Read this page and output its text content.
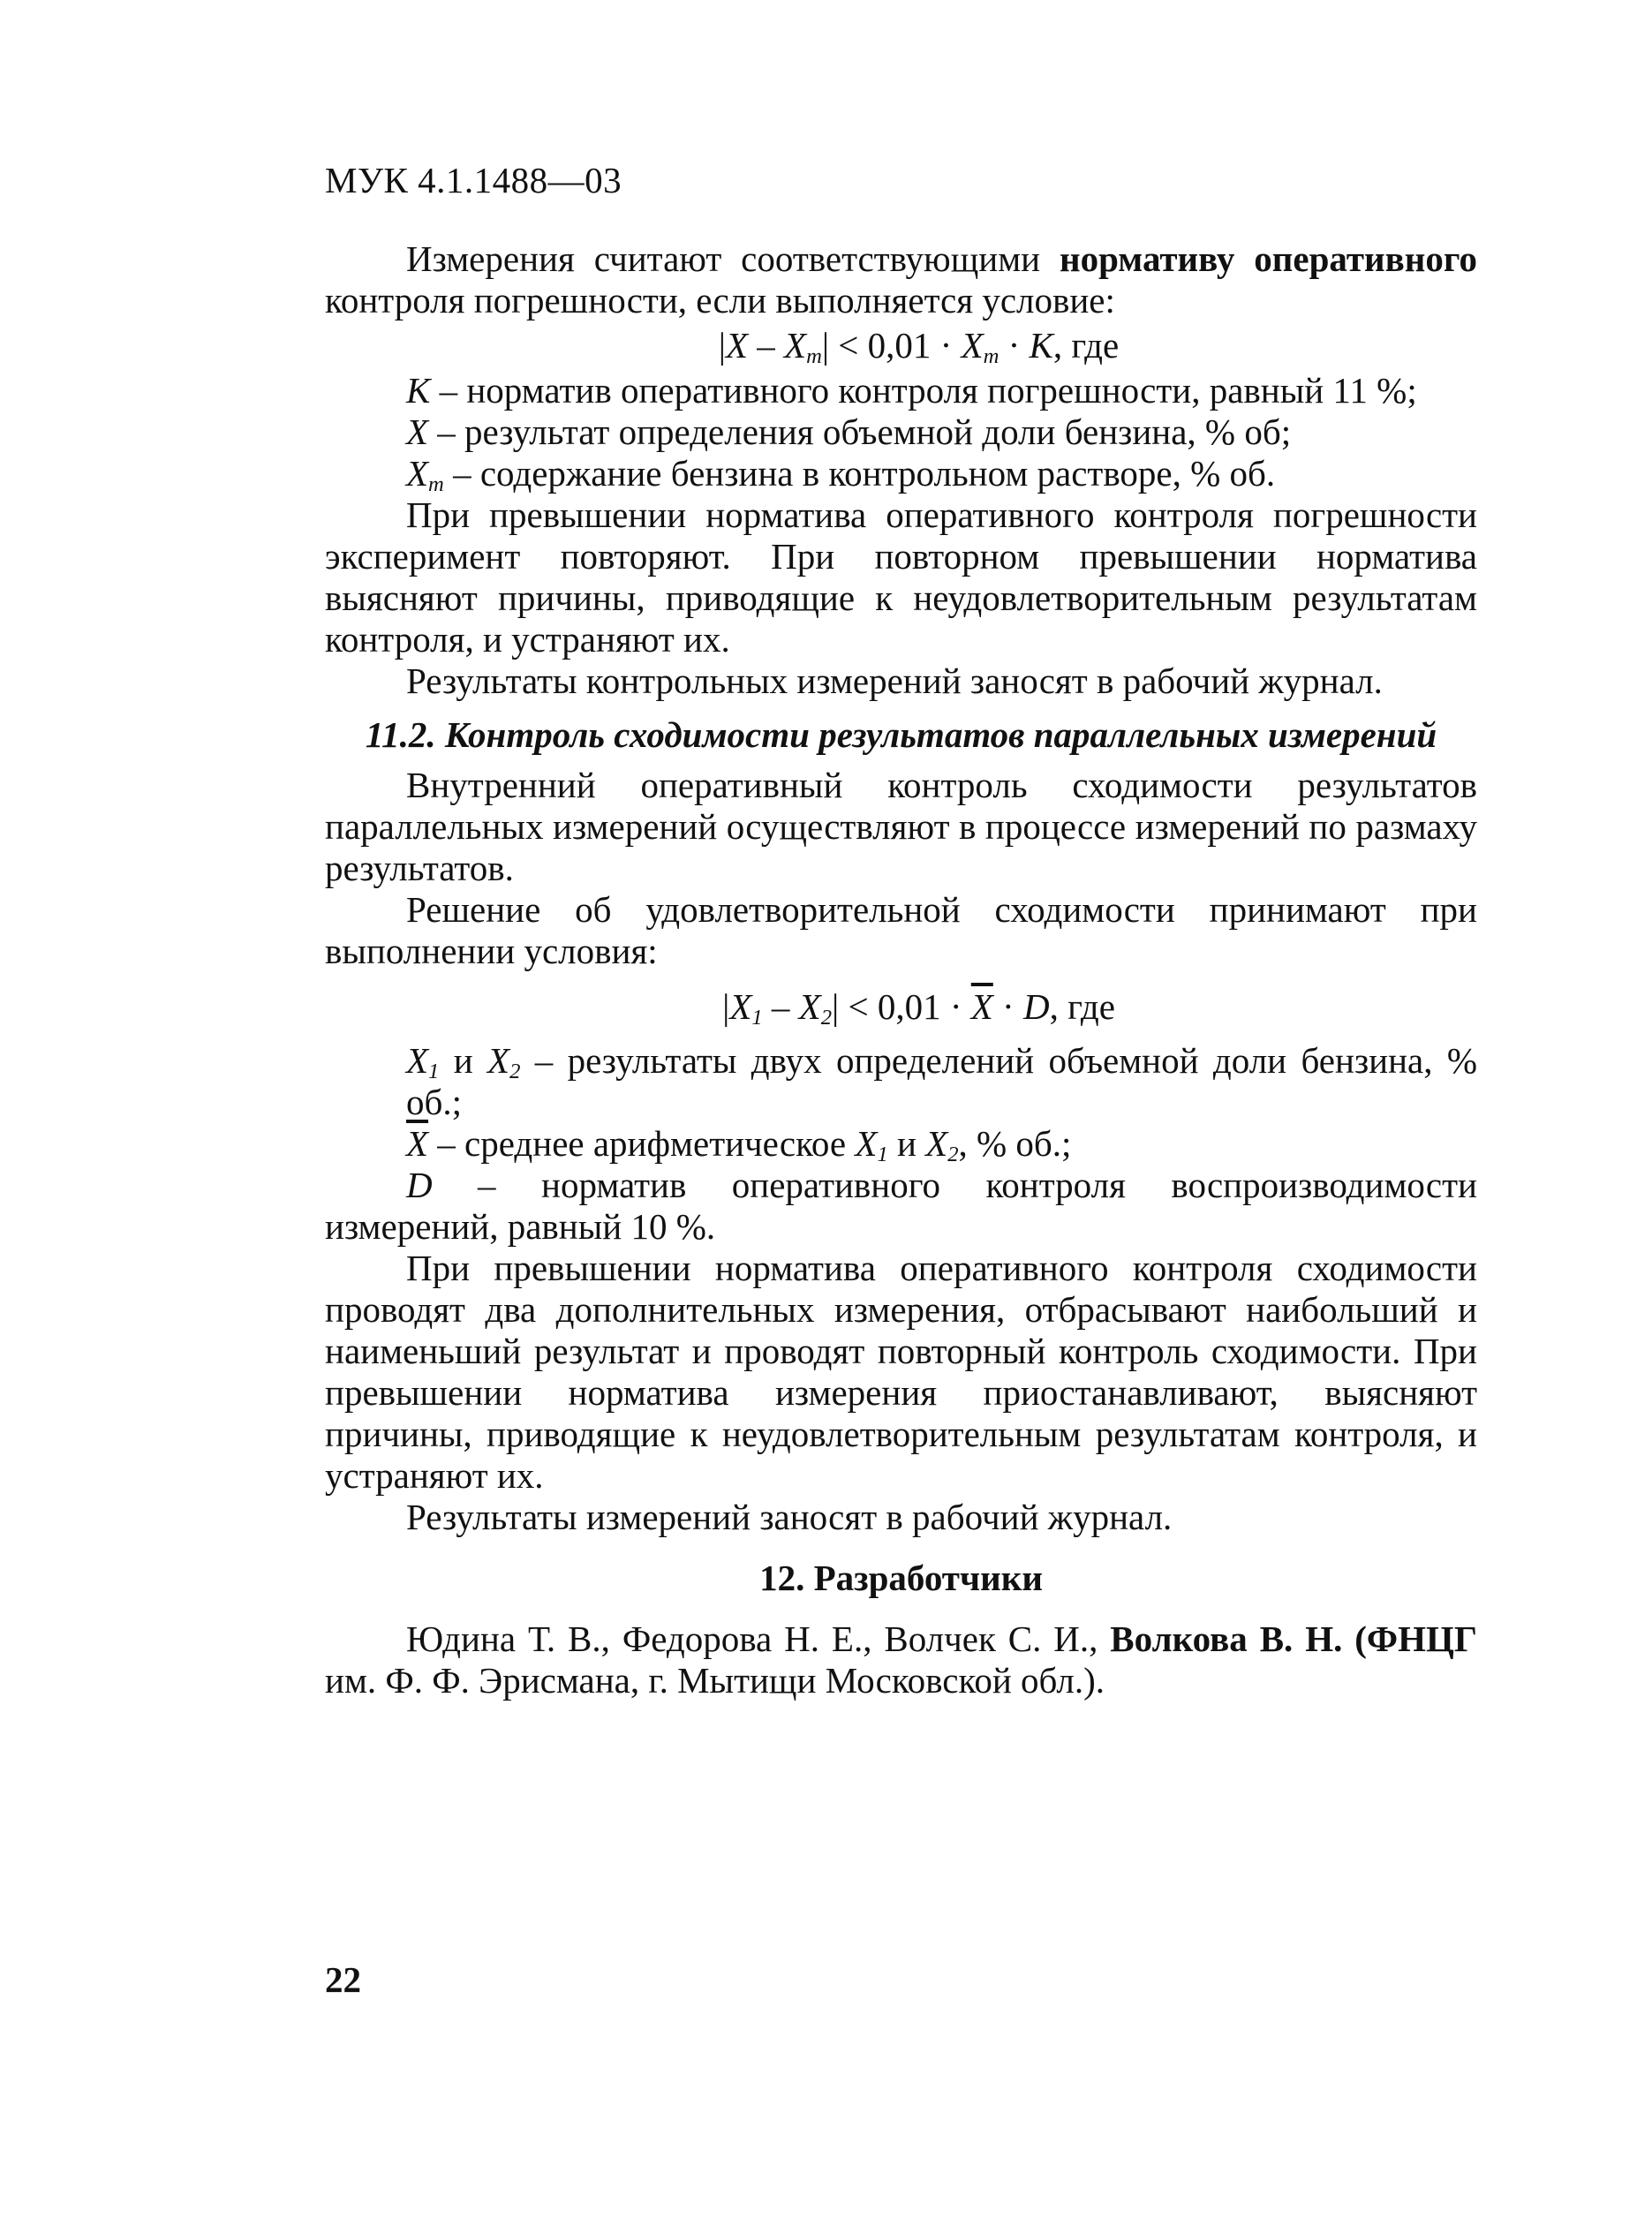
МУК 4.1.1488—03

Измерения считают соответствующими нормативу оперативного контроля погрешности, если выполняется условие:

$|X - X_m| < 0,01 \cdot X_m \cdot K$, где

K – норматив оперативного контроля погрешности, равный 11 %;

X – результат определения объемной доли бензина, % об;

$X_m$ – содержание бензина в контрольном растворе, % об.

При превышении норматива оперативного контроля погрешности эксперимент повторяют. При повторном превышении норматива выясняют причины, приводящие к неудовлетворительным результатам контроля, и устраняют их.

Результаты контрольных измерений заносят в рабочий журнал.

11.2. Контроль сходимости результатов параллельных измерений

Внутренний оперативный контроль сходимости результатов параллельных измерений осуществляют в процессе измерений по размаху результатов.

Решение об удовлетворительной сходимости принимают при выполнении условия:

$|X_1 - X_2| < 0,01 \cdot \overline{X} \cdot D$, где

$X_1$ и $X_2$ – результаты двух определений объемной доли бензина, % об.;

$\overline{X}$ – среднее арифметическое $X_1$ и $X_2$, % об.;

D – норматив оперативного контроля воспроизводимости измерений, равный 10 %.

При превышении норматива оперативного контроля сходимости проводят два дополнительных измерения, отбрасывают наибольший и наименьший результат и проводят повторный контроль сходимости. При превышении норматива измерения приостанавливают, выясняют причины, приводящие к неудовлетворительным результатам контроля, и устраняют их.

Результаты измерений заносят в рабочий журнал.

12. Разработчики

Юдина Т. В., Федорова Н. Е., Волчек С. И., Волкова В. Н. (ФНЦГ им. Ф. Ф. Эрисмана, г. Мытищи Московской обл.).

22
